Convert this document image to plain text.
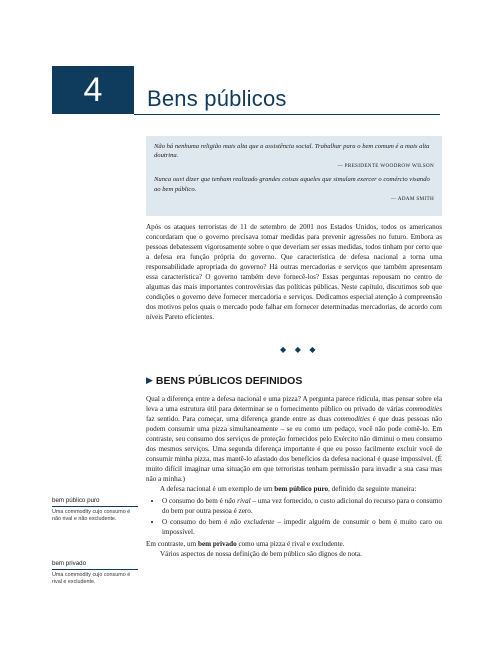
4 Bens públicos

Não há nenhuma religião mais alta que a assistência social. Trabalhar para o bem comum é a mais alta doutrina.

— PRESIDENTE WOODROW WILSON

Nunca ouvi dizer que tenham realizado grandes coisas aqueles que simulam exercer o comércio visando ao bem público.

— ADAM SMITH

Após os ataques terroristas de 11 de setembro de 2001 nos Estados Unidos, todos os americanos concordaram que o governo precisava tomar medidas para prevenir agressões no futuro. Embora as pessoas debatessem vigorosamente sobre o que deveriam ser essas medidas, todos tinham por certo que a defesa era função própria do governo. Que característica de defesa nacional a torna uma responsabilidade apropriada do governo? Há outras mercadorias e serviços que também apresentam essa característica? O governo também deve fornecê-los? Essas perguntas repousam no centro de algumas das mais importantes controvérsias das políticas públicas. Neste capítulo, discutimos sob que condições o governo deve fornecer mercadoria e serviços. Dedicamos especial atenção à compreensão dos motivos pelos quais o mercado pode falhar em fornecer determinadas mercadorias, de acordo com níveis Pareto eficientes.

◆ ◆ ◆
▶ BENS PÚBLICOS DEFINIDOS

Qual a diferença entre a defesa nacional e uma pizza? A pergunta parece ridícula, mas pensar sobre ela leva a uma estrutura útil para determinar se o fornecimento público ou privado de várias commodities faz sentido. Para começar, uma diferença grande entre as duas commodities é que duas pessoas não podem consumir uma pizza simultaneamente – se eu como um pedaço, você não pode comê-lo. Em contraste, seu consumo dos serviços de proteção fornecidos pelo Exército não diminui o meu consumo dos mesmos serviços. Uma segunda diferença importante é que eu posso facilmente excluir você de consumir minha pizza, mas mantê-lo afastado dos benefícios da defesa nacional é quase impossível. (É muito difícil imaginar uma situação em que terroristas tenham permissão para invadir a sua casa mas não a minha.)

A defesa nacional é um exemplo de um bem público puro, definido da seguinte maneira:

• O consumo do bem é não rival – uma vez fornecido, o custo adicional do recurso para o consumo do bem por outra pessoa é zero.
• O consumo do bem é não excludente – impedir alguém de consumir o bem é muito caro ou impossível.

Em contraste, um bem privado como uma pizza é rival e excludente.

Vários aspectos de nossa definição de bem público são dignos de nota.

bem público puro
Uma commodity cujo consumo é não rival e não excludente.
bem privado
Uma commodity cujo consumo é rival e excludente.
